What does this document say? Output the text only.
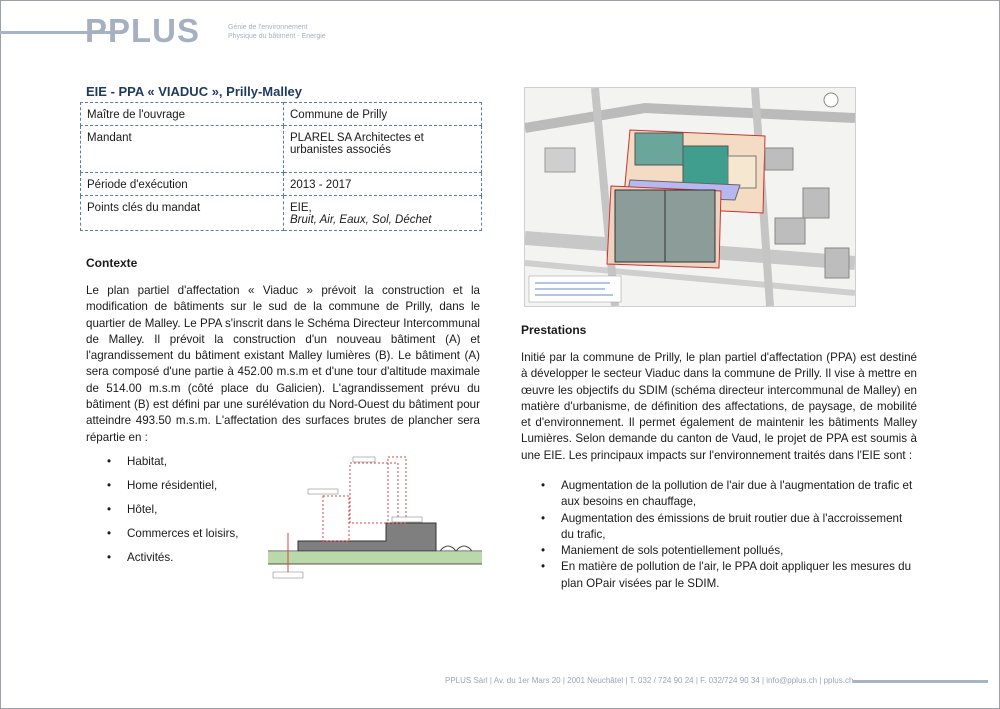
PPLUS	Génie de l'environnement
Physique du bâtiment - Energie
EIE - PPA « VIADUC », Prilly-Malley
Maître de l'ouvrage	Commune de Prilly
Mandant	PLAREL SA Architectes et urbanistes associés
Période d'exécution	2013 - 2017
Points clés du mandat	EIE,
Bruit, Air, Eaux, Sol, Déchet
Contexte
Le plan partiel d'affectation « Viaduc » prévoit la construction et la modification de bâtiments sur le sud de la commune de Prilly, dans le quartier de Malley. Le PPA s'inscrit dans le Schéma Directeur Intercommunal de Malley. Il prévoit la construction d'un nouveau bâtiment (A) et l'agrandissement du bâtiment existant Malley lumières (B). Le bâtiment (A) sera composé d'une partie à 452.00 m.s.m et d'une tour d'altitude maximale de 514.00 m.s.m (côté place du Galicien). L'agrandissement prévu du bâtiment (B) est défini par une surélévation du Nord-Ouest du bâtiment pour atteindre 493.50 m.s.m. L'affectation des surfaces brutes de plancher sera répartie en :
• Habitat,
• Home résidentiel,
• Hôtel,
• Commerces et loisirs,
• Activités.
Prestations
Initié par la commune de Prilly, le plan partiel d'affectation (PPA) est destiné à développer le secteur Viaduc dans la commune de Prilly. Il vise à mettre en œuvre les objectifs du SDIM (schéma directeur intercommunal de Malley) en matière d'urbanisme, de définition des affectations, de paysage, de mobilité et d'environnement. Il permet également de maintenir les bâtiments Malley Lumières. Selon demande du canton de Vaud, le projet de PPA est soumis à une EIE. Les principaux impacts sur l'environnement traités dans l'EIE sont :
• Augmentation de la pollution de l'air due à l'augmentation de trafic et aux besoins en chauffage,
• Augmentation des émissions de bruit routier due à l'accroissement du trafic,
• Maniement de sols potentiellement pollués,
• En matière de pollution de l'air, le PPA doit appliquer les mesures du plan OPair visées par le SDIM.
PPLUS Sàrl | Av. du 1er Mars 20 | 2001 Neuchâtel | T. 032 / 724 90 24 | F. 032/724 90 34 | info@pplus.ch | pplus.ch
